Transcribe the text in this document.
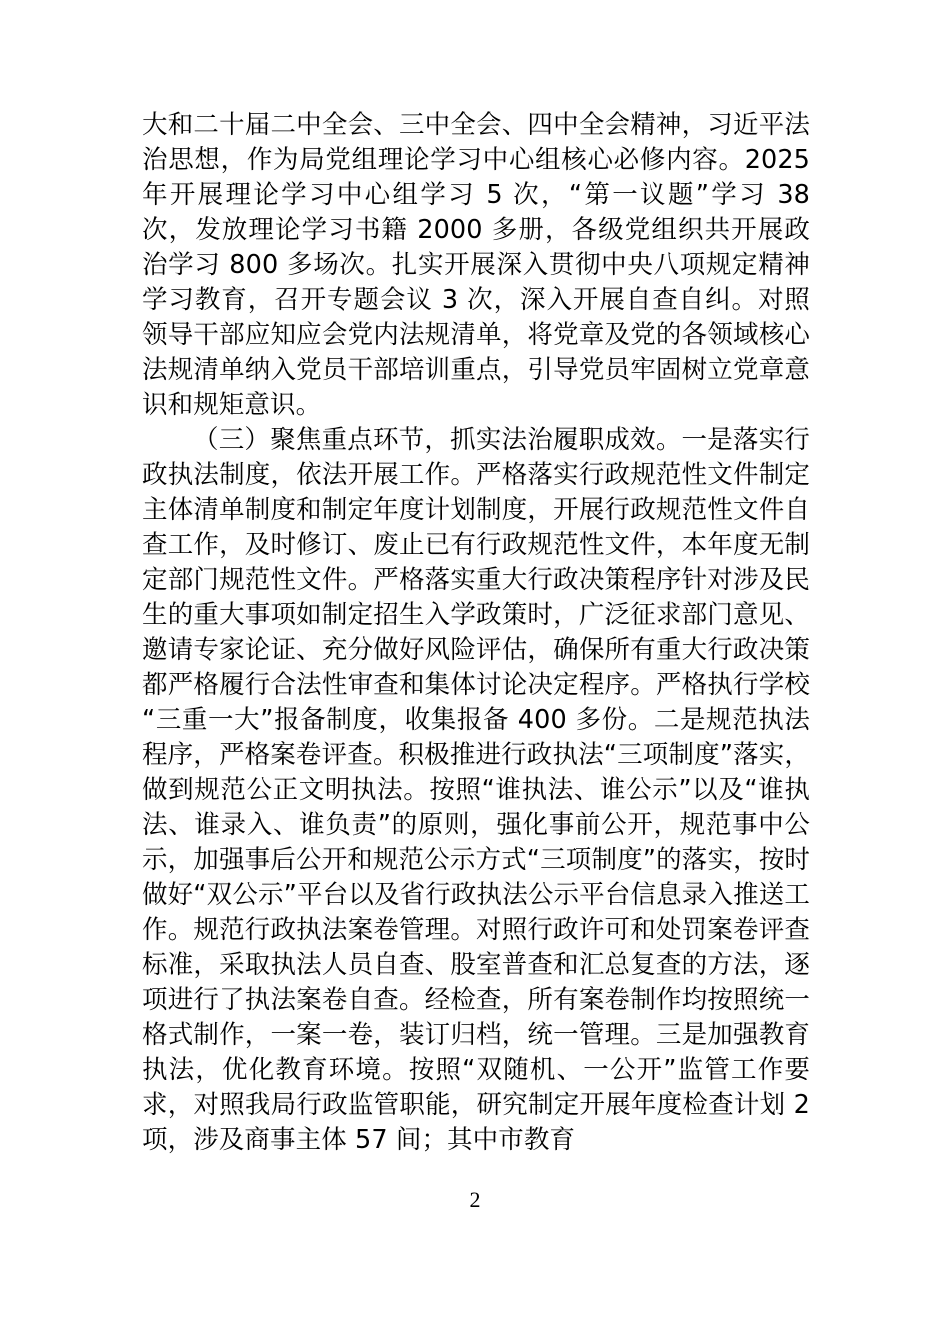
大和二十届二中全会、三中全会、四中全会精神，习近平法治思想，作为局党组理论学习中心组核心必修内容。2025 年开展理论学习中心组学习 5 次，“第一议题”学习 38 次，发放理论学习书籍 2000 多册，各级党组织共开展政治学习 800 多场次。扎实开展深入贯彻中央八项规定精神学习教育，召开专题会议 3 次，深入开展自查自纠。对照领导干部应知应会党内法规清单，将党章及党的各领域核心法规清单纳入党员干部培训重点，引导党员牢固树立党章意识和规矩意识。

（三）聚焦重点环节，抓实法治履职成效。一是落实行政执法制度，依法开展工作。严格落实行政规范性文件制定主体清单制度和制定年度计划制度，开展行政规范性文件自查工作，及时修订、废止已有行政规范性文件，本年度无制定部门规范性文件。严格落实重大行政决策程序针对涉及民生的重大事项如制定招生入学政策时，广泛征求部门意见、邀请专家论证、充分做好风险评估，确保所有重大行政决策都严格履行合法性审查和集体讨论决定程序。严格执行学校“三重一大”报备制度，收集报备 400 多份。二是规范执法程序，严格案卷评查。积极推进行政执法“三项制度”落实，做到规范公正文明执法。按照“谁执法、谁公示”以及“谁执法、谁录入、谁负责”的原则，强化事前公开，规范事中公示，加强事后公开和规范公示方式“三项制度”的落实，按时做好“双公示”平台以及省行政执法公示平台信息录入推送工作。规范行政执法案卷管理。对照行政许可和处罚案卷评查标准，采取执法人员自查、股室普查和汇总复查的方法，逐项进行了执法案卷自查。经检查，所有案卷制作均按照统一格式制作，一案一卷，装订归档，统一管理。三是加强教育执法，优化教育环境。按照“双随机、一公开”监管工作要求，对照我局行政监管职能，研究制定开展年度检查计划 2 项，涉及商事主体 57 间；其中市教育

2
